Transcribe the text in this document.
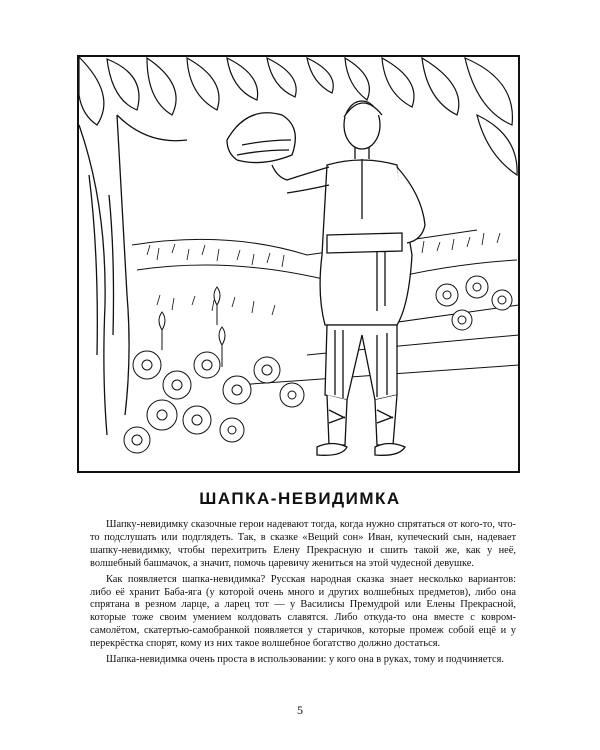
ШАПКА-НЕВИДИМКА

Шапку-невидимку сказочные герои надевают тогда, когда нужно спрятаться от кого-то, что-то подслушать или подглядеть. Так, в сказке «Вещий сон» Иван, купеческий сын, надевает шапку-невидимку, чтобы перехитрить Елену Прекрасную и сшить такой же, как у неё, волшебный башмачок, а значит, помочь царевичу жениться на этой чудесной девушке.

Как появляется шапка-невидимка? Русская народная сказка знает несколько вариантов: либо её хранит Баба-яга (у которой очень много и других волшебных предметов), либо она спрятана в резном ларце, а ларец тот — у Василисы Премудрой или Елены Прекрасной, которые тоже своим умением колдовать славятся. Либо откуда-то она вместе с ковром-самолётом, скатертью-самобранкой появляется у старичков, которые промеж собой ещё и у перекрёстка спорят, кому из них такое волшебное богатство должно достаться.

Шапка-невидимка очень проста в использовании: у кого она в руках, тому и подчиняется.

5
